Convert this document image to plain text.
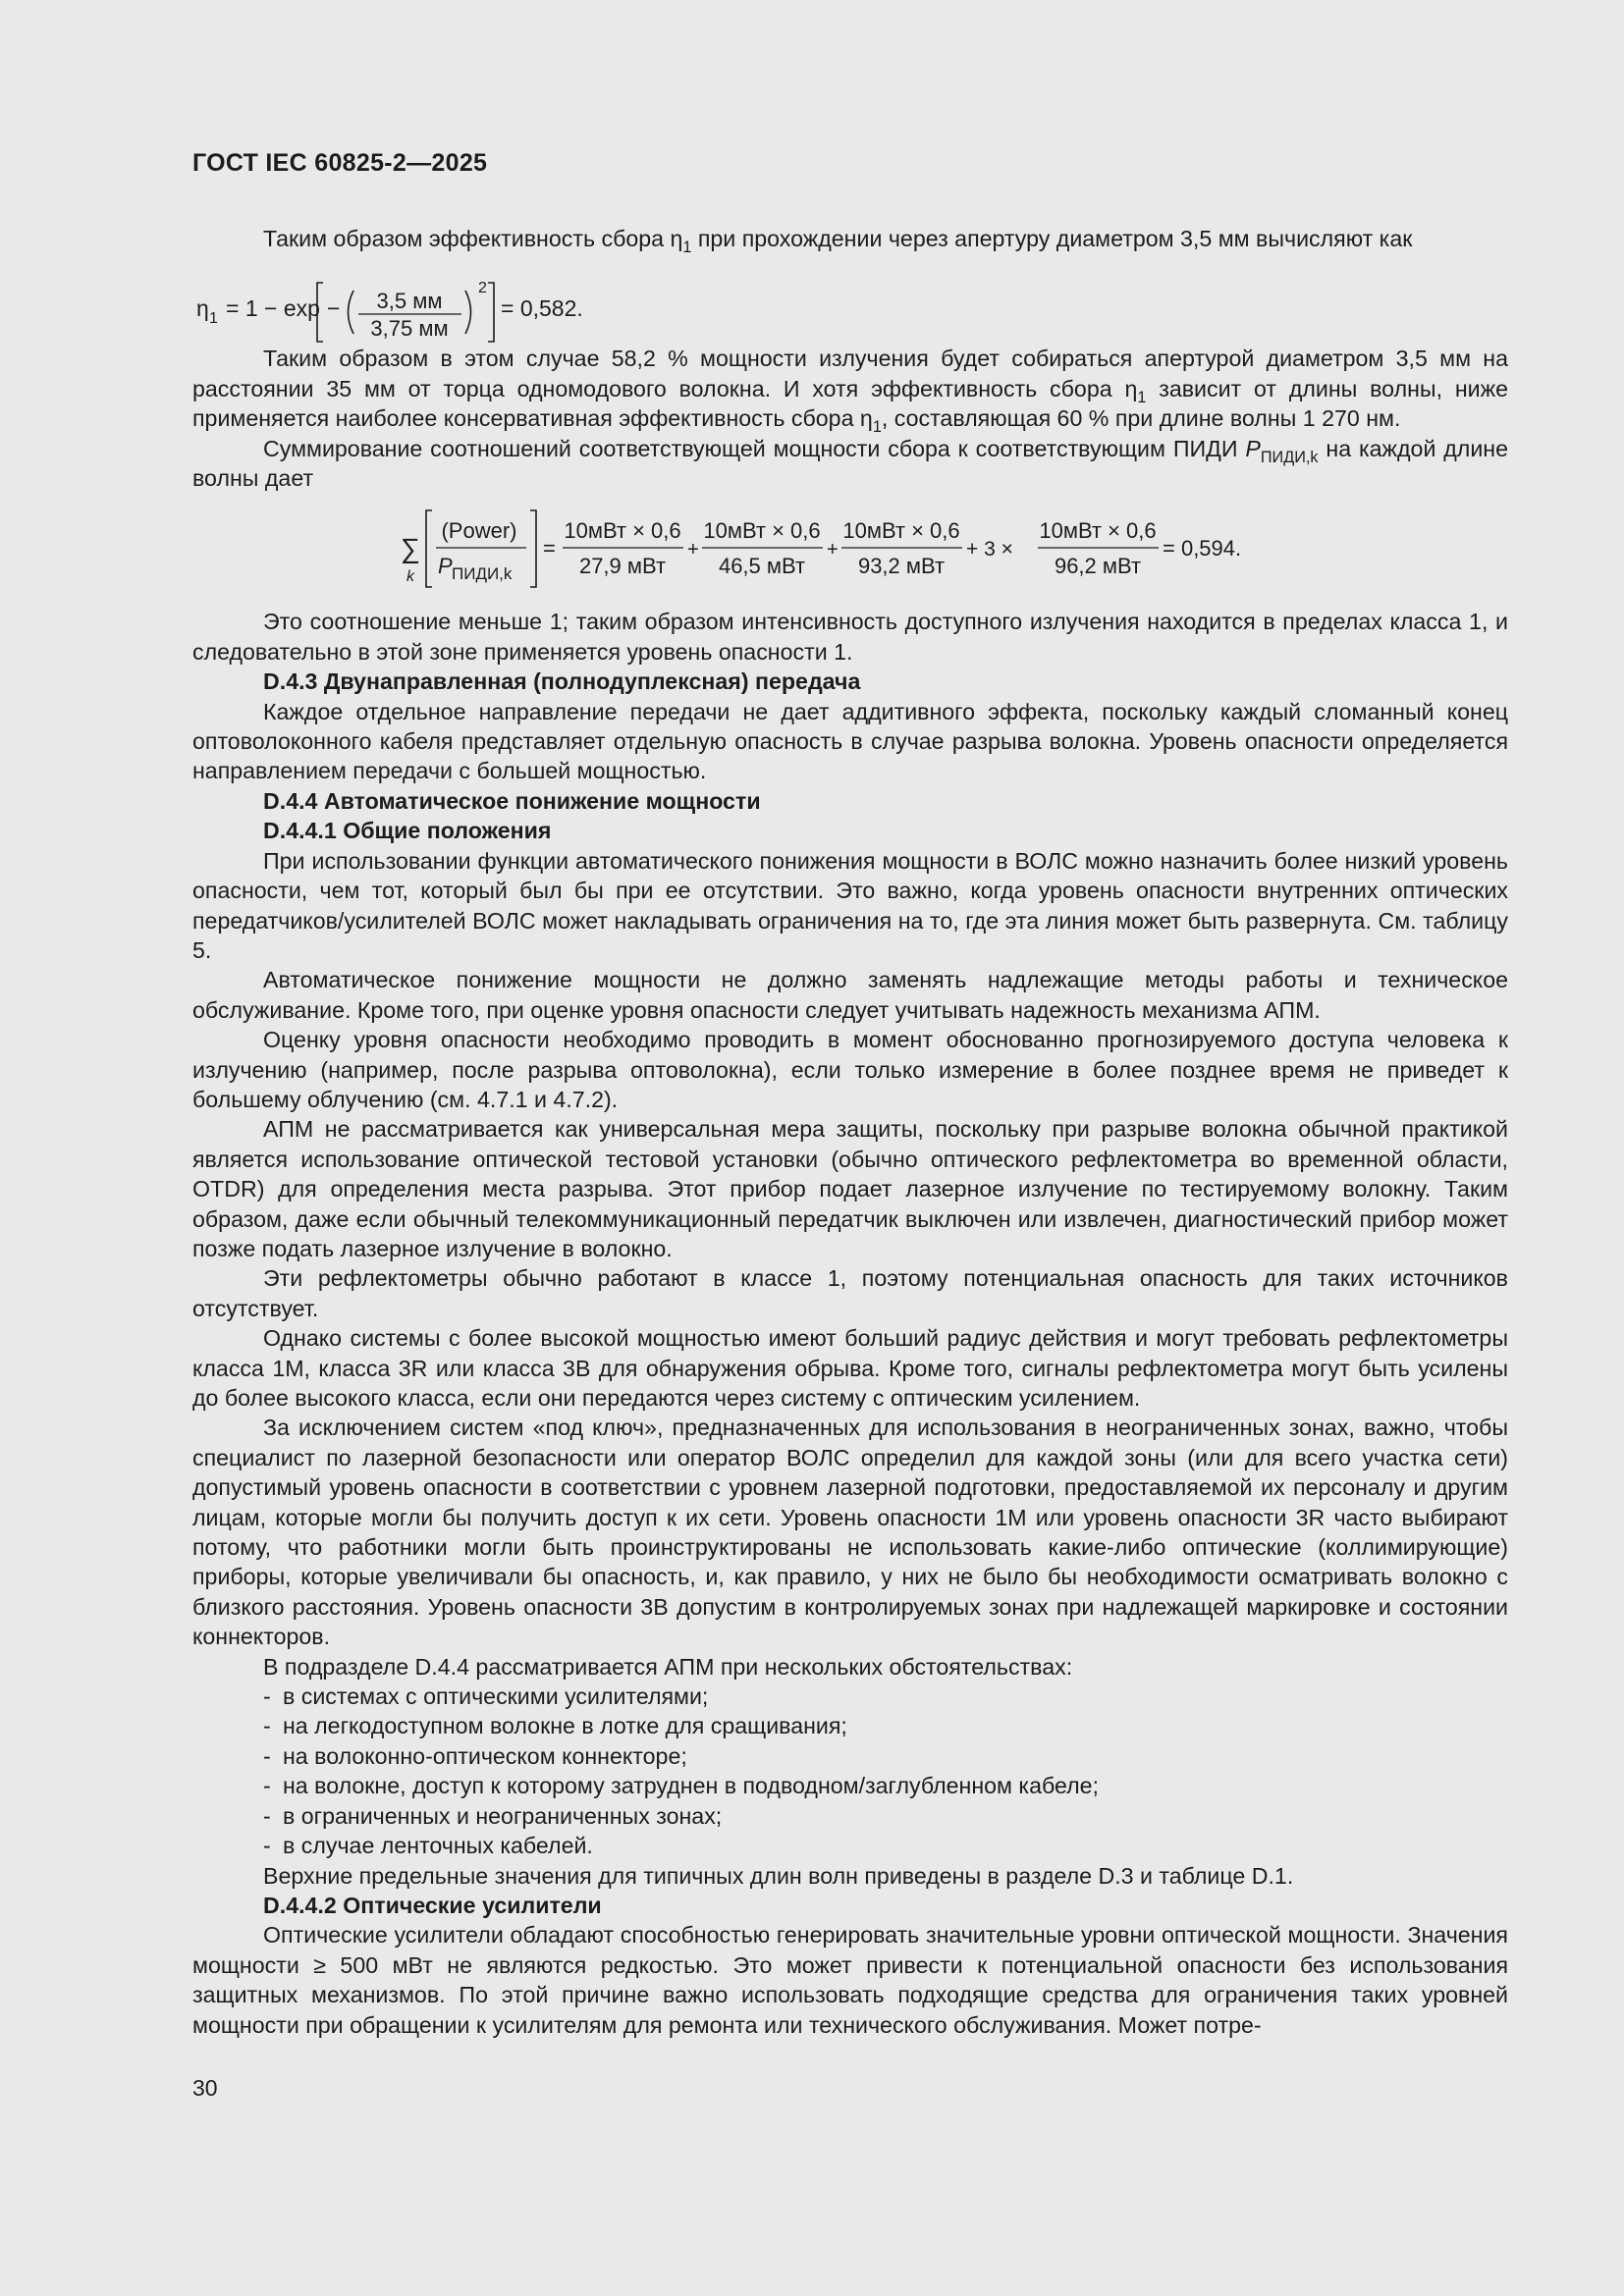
ГОСТ IEC 60825-2—2025

Таким образом эффективность сбора $\eta_1$ при прохождении через апертуру диаметром 3,5 мм вычисляют как

η 1 = 1 − exp − 3,5 мм
3,75 мм
2
= 0,582.

Таким образом в этом случае 58,2 % мощности излучения будет собираться апертурой диаметром 3,5 мм на расстоянии 35 мм от торца одномодового волокна. И хотя эффективность сбора $\eta_1$ зависит от длины волны, ниже применяется наиболее консервативная эффективность сбора $\eta_1$, составляющая 60 % при длине волны 1 270 нм.

Суммирование соотношений соответствующей мощности сбора к соответствующим ПИДИ $P_{ПИДИ,k}$ на каждой длине волны дает

∑
k
(Power)
P ПИДИ,k
=
10мВт × 0,6
27,9 мВт
+
10мВт × 0,6
46,5 мВт
+
10мВт × 0,6
93,2 мВт
+ 3 ×
10мВт × 0,6
96,2 мВт
= 0,594.

Это соотношение меньше 1; таким образом интенсивность доступного излучения находится в пределах класса 1, и следовательно в этой зоне применяется уровень опасности 1.

D.4.3 Двунаправленная (полнодуплексная) передача

Каждое отдельное направление передачи не дает аддитивного эффекта, поскольку каждый сломанный конец оптоволоконного кабеля представляет отдельную опасность в случае разрыва волокна. Уровень опасности определяется направлением передачи с большей мощностью.

D.4.4 Автоматическое понижение мощности

D.4.4.1 Общие положения

При использовании функции автоматического понижения мощности в ВОЛС можно назначить более низкий уровень опасности, чем тот, который был бы при ее отсутствии. Это важно, когда уровень опасности внутренних оптических передатчиков/усилителей ВОЛС может накладывать ограничения на то, где эта линия может быть развернута. См. таблицу 5.

Автоматическое понижение мощности не должно заменять надлежащие методы работы и техническое обслуживание. Кроме того, при оценке уровня опасности следует учитывать надежность механизма АПМ.

Оценку уровня опасности необходимо проводить в момент обоснованно прогнозируемого доступа человека к излучению (например, после разрыва оптоволокна), если только измерение в более позднее время не приведет к большему облучению (см. 4.7.1 и 4.7.2).

АПМ не рассматривается как универсальная мера защиты, поскольку при разрыве волокна обычной практикой является использование оптической тестовой установки (обычно оптического рефлектометра во временной области, OTDR) для определения места разрыва. Этот прибор подает лазерное излучение по тестируемому волокну. Таким образом, даже если обычный телекоммуникационный передатчик выключен или извлечен, диагностический прибор может позже подать лазерное излучение в волокно.

Эти рефлектометры обычно работают в классе 1, поэтому потенциальная опасность для таких источников отсутствует.

Однако системы с более высокой мощностью имеют больший радиус действия и могут требовать рефлектометры класса 1М, класса 3R или класса 3В для обнаружения обрыва. Кроме того, сигналы рефлектометра могут быть усилены до более высокого класса, если они передаются через систему с оптическим усилением.

За исключением систем «под ключ», предназначенных для использования в неограниченных зонах, важно, чтобы специалист по лазерной безопасности или оператор ВОЛС определил для каждой зоны (или для всего участка сети) допустимый уровень опасности в соответствии с уровнем лазерной подготовки, предоставляемой их персоналу и другим лицам, которые могли бы получить доступ к их сети. Уровень опасности 1М или уровень опасности 3R часто выбирают потому, что работники могли быть проинструктированы не использовать какие-либо оптические (коллимирующие) приборы, которые увеличивали бы опасность, и, как правило, у них не было бы необходимости осматривать волокно с близкого расстояния. Уровень опасности 3В допустим в контролируемых зонах при надлежащей маркировке и состоянии коннекторов.

В подразделе D.4.4 рассматривается АПМ при нескольких обстоятельствах:

- в системах с оптическими усилителями;

- на легкодоступном волокне в лотке для сращивания;

- на волоконно-оптическом коннекторе;

- на волокне, доступ к которому затруднен в подводном/заглубленном кабеле;

- в ограниченных и неограниченных зонах;

- в случае ленточных кабелей.

Верхние предельные значения для типичных длин волн приведены в разделе D.3 и таблице D.1.

D.4.4.2 Оптические усилители

Оптические усилители обладают способностью генерировать значительные уровни оптической мощности. Значения мощности ≥ 500 мВт не являются редкостью. Это может привести к потенциальной опасности без использования защитных механизмов. По этой причине важно использовать подходящие средства для ограничения таких уровней мощности при обращении к усилителям для ремонта или технического обслуживания. Может потре-

30
